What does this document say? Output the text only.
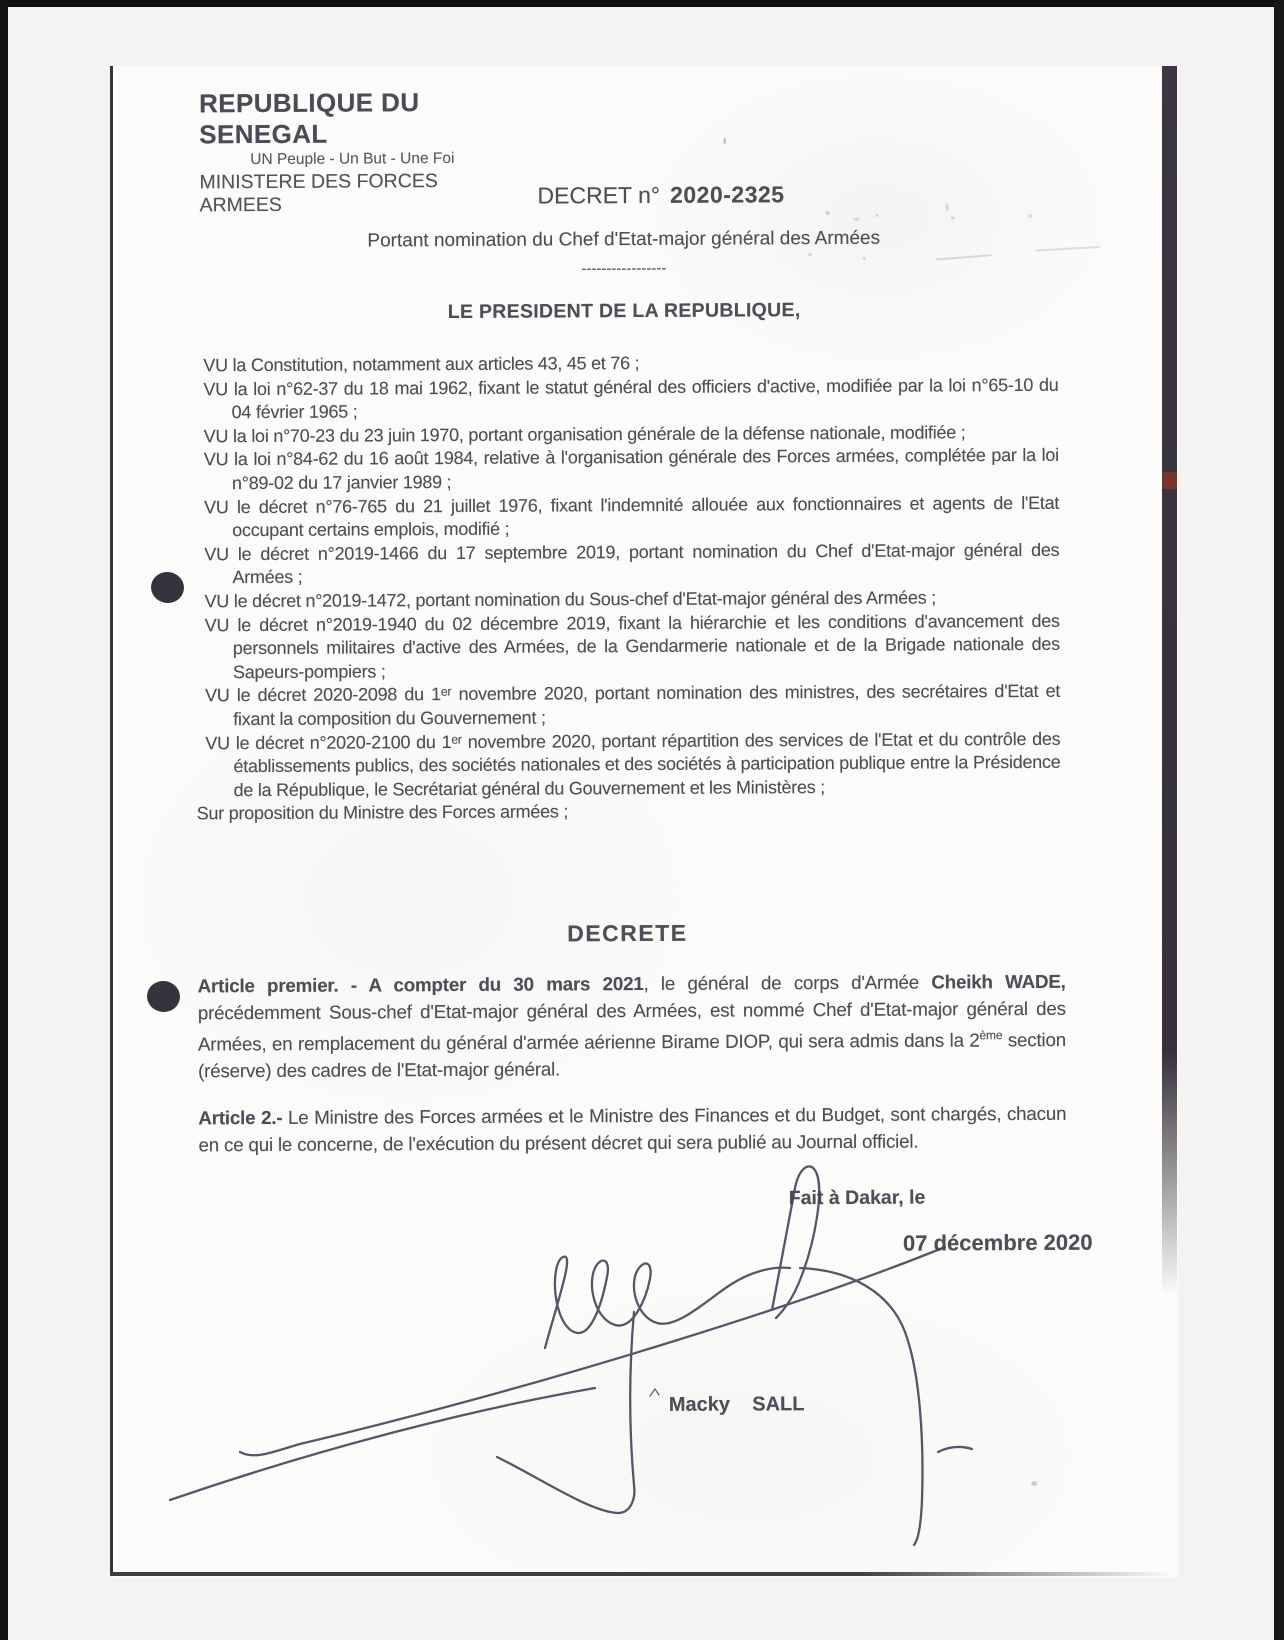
REPUBLIQUE DU SENEGAL
UN Peuple - Un But - Une Foi
MINISTERE DES FORCES ARMEES	DECRET n° 2020-2325
Portant nomination du Chef d'Etat-major général des Armées
-----------------
LE PRESIDENT DE LA REPUBLIQUE,

VU la Constitution, notamment aux articles 43, 45 et 76 ;

VU la loi n°62-37 du 18 mai 1962, fixant le statut général des officiers d'active, modifiée par la loi n°65-10 du 04 février 1965 ;

VU la loi n°70-23 du 23 juin 1970, portant organisation générale de la défense nationale, modifiée ;

VU la loi n°84-62 du 16 août 1984, relative à l'organisation générale des Forces armées, complétée par la loi n°89-02 du 17 janvier 1989 ;

VU le décret n°76-765 du 21 juillet 1976, fixant l'indemnité allouée aux fonctionnaires et agents de l'Etat occupant certains emplois, modifié ;

VU le décret n°2019-1466 du 17 septembre 2019, portant nomination du Chef d'Etat-major général des Armées ;

VU le décret n°2019-1472, portant nomination du Sous-chef d'Etat-major général des Armées ;

VU le décret n°2019-1940 du 02 décembre 2019, fixant la hiérarchie et les conditions d'avancement des personnels militaires d'active des Armées, de la Gendarmerie nationale et de la Brigade nationale des Sapeurs-pompiers ;

VU le décret 2020-2098 du 1ᵉʳ novembre 2020, portant nomination des ministres, des secrétaires d'Etat et fixant la composition du Gouvernement ;

VU le décret n°2020-2100 du 1ᵉʳ novembre 2020, portant répartition des services de l'Etat et du contrôle des établissements publics, des sociétés nationales et des sociétés à participation publique entre la Présidence de la République, le Secrétariat général du Gouvernement et les Ministères ;

Sur proposition du Ministre des Forces armées ;

DECRETE

Article premier. - A compter du 30 mars 2021, le général de corps d'Armée Cheikh WADE, précédemment Sous-chef d'Etat-major général des Armées, est nommé Chef d'Etat-major général des Armées, en remplacement du général d'armée aérienne Birame DIOP, qui sera admis dans la 2ème section (réserve) des cadres de l'Etat-major général.

Article 2.- Le Ministre des Forces armées et le Ministre des Finances et du Budget, sont chargés, chacun en ce qui le concerne, de l'exécution du présent décret qui sera publié au Journal officiel.

Fait à Dakar, le
07 décembre 2020
Macky    SALL
